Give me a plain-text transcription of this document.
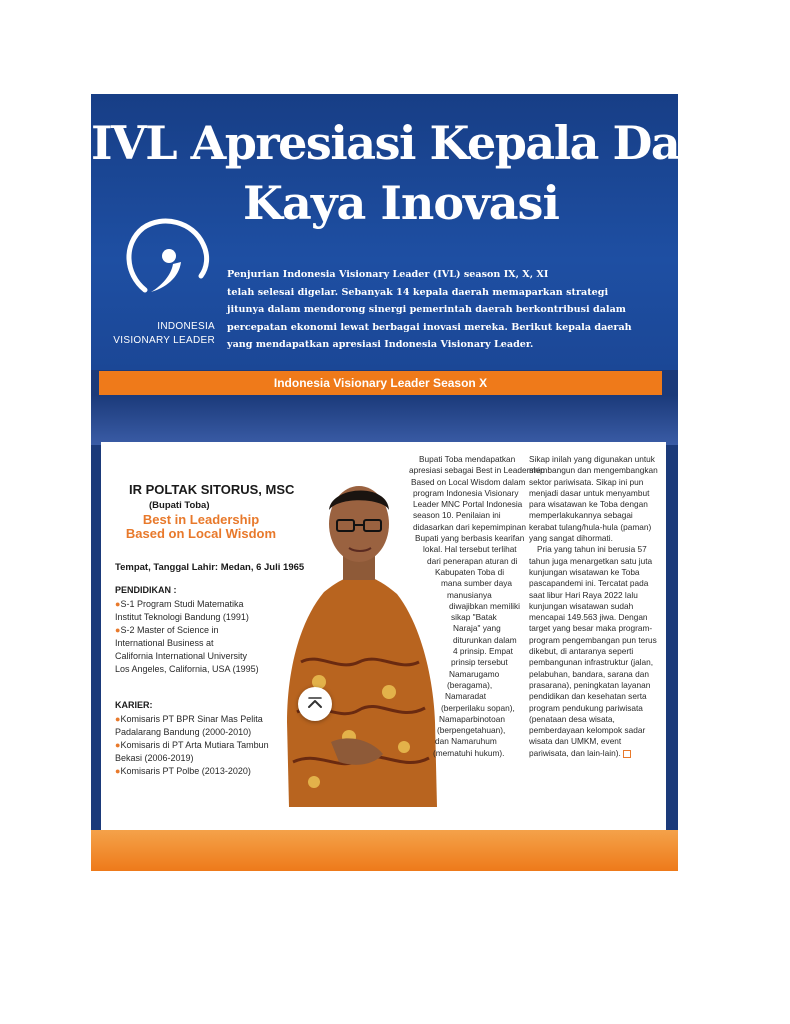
IVL Apresiasi Kepala Daerah
Kaya Inovasi
INDONESIA
VISIONARY LEADER
Penjurian Indonesia Visionary Leader (IVL) season IX, X, XI
telah selesai digelar. Sebanyak 14 kepala daerah memaparkan strategi
jitunya dalam mendorong sinergi pemerintah daerah berkontribusi dalam
percepatan ekonomi lewat berbagai inovasi mereka. Berikut kepala daerah
yang mendapatkan apresiasi Indonesia Visionary Leader.
Indonesia Visionary Leader Season X
IR POLTAK SITORUS, MSC
(Bupati Toba)
Best in Leadership
Based on Local Wisdom
Tempat, Tanggal Lahir: Medan, 6 Juli 1965
PENDIDIKAN :
●S-1 Program Studi Matematika
Institut Teknologi Bandung (1991)
●S-2 Master of Science in
International Business at
California International University
Los Angeles, California, USA (1995)
KARIER:
●Komisaris PT BPR Sinar Mas Pelita
Padalarang Bandung (2000-2010)
●Komisaris di PT Arta Mutiara Tambun
Bekasi (2006-2019)
●Komisaris PT Polbe (2013-2020)
Bupati Toba mendapatkan
apresiasi sebagai Best in Leadership
Based on Local Wisdom dalam
program Indonesia Visionary
Leader MNC Portal Indonesia
season 10. Penilaian ini
didasarkan dari kepemimpinan
Bupati yang berbasis kearifan
lokal. Hal tersebut terlihat
dari penerapan aturan di
Kabupaten Toba di
mana sumber daya
manusianya
diwajibkan memiliki
sikap "Batak
Naraja" yang
diturunkan dalam
4 prinsip. Empat
prinsip tersebut
Namarugamo
(beragama),
Namaradat
(berperilaku sopan),
Namaparbinotoan
(berpengetahuan),
dan Namaruhum
(mematuhi hukum).
Sikap inilah yang digunakan untuk
membangun dan mengembangkan
sektor pariwisata. Sikap ini pun
menjadi dasar untuk menyambut
para wisatawan ke Toba dengan
memperlakukannya sebagai
kerabat tulang/hula-hula (paman)
yang sangat dihormati.
Pria yang tahun ini berusia 57
tahun juga menargetkan satu juta
kunjungan wisatawan ke Toba
pascapandemi ini. Tercatat pada
saat libur Hari Raya 2022 lalu
kunjungan wisatawan sudah
mencapai 149.563 jiwa. Dengan
target yang besar maka program-
program pengembangan pun terus
dikebut, di antaranya seperti
pembangunan infrastruktur (jalan,
pelabuhan, bandara, sarana dan
prasarana), peningkatan layanan
pendidikan dan kesehatan serta
program pendukung pariwisata
(penataan desa wisata,
pemberdayaan kelompok sadar
wisata dan UMKM, event
pariwisata, dan lain-lain).
